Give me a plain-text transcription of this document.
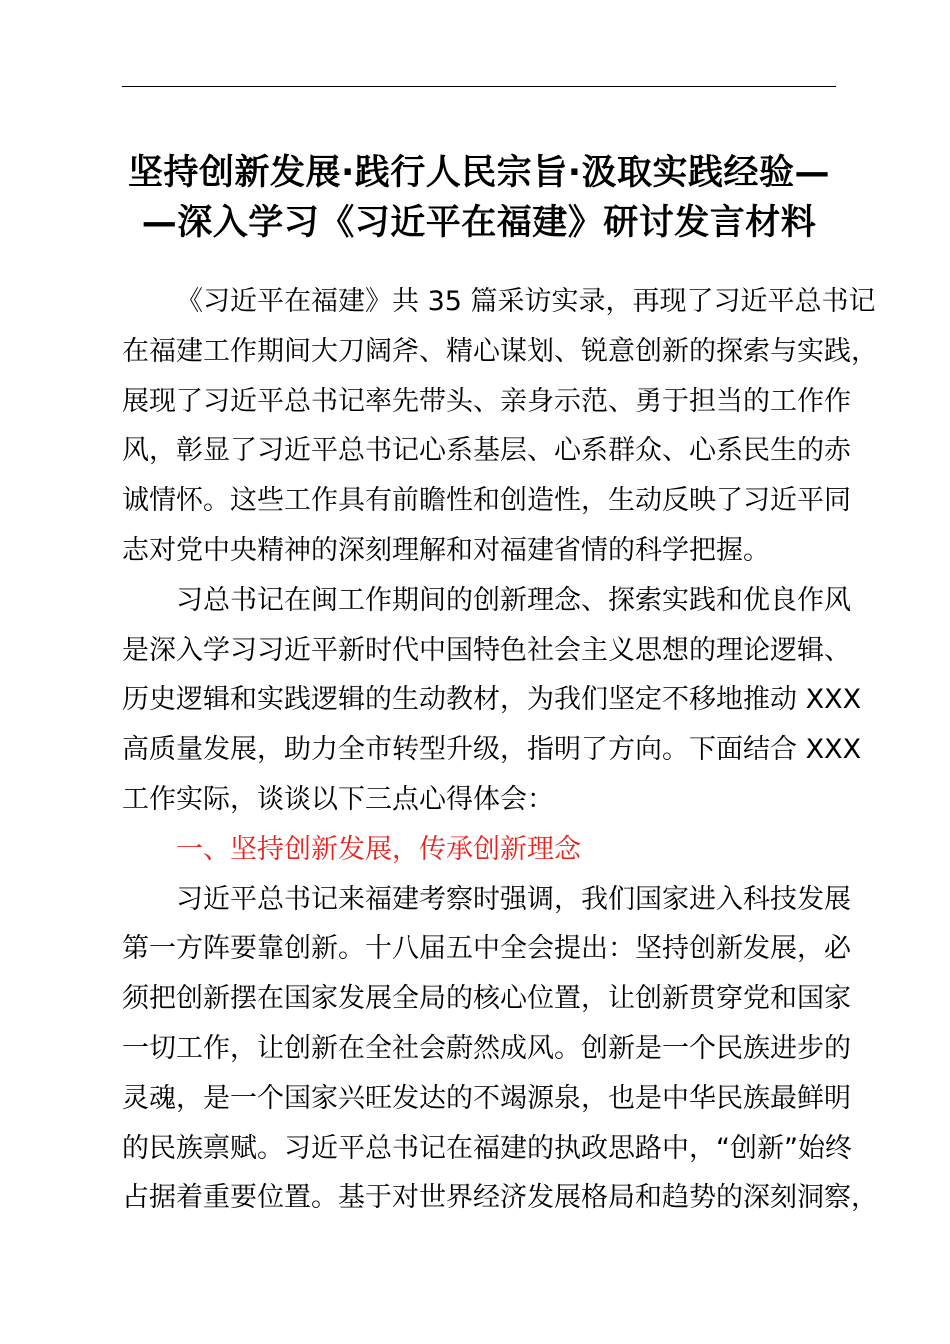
坚持创新发展·践行人民宗旨·汲取实践经验—
—深入学习《习近平在福建》研讨发言材料
《习近平在福建》共 35 篇采访实录，再现了习近平总书记
在福建工作期间大刀阔斧、精心谋划、锐意创新的探索与实践，
展现了习近平总书记率先带头、亲身示范、勇于担当的工作作
风，彰显了习近平总书记心系基层、心系群众、心系民生的赤
诚情怀。这些工作具有前瞻性和创造性，生动反映了习近平同
志对党中央精神的深刻理解和对福建省情的科学把握。
习总书记在闽工作期间的创新理念、探索实践和优良作风
是深入学习习近平新时代中国特色社会主义思想的理论逻辑、
历史逻辑和实践逻辑的生动教材，为我们坚定不移地推动 XXX
高质量发展，助力全市转型升级，指明了方向。下面结合 XXX
工作实际，谈谈以下三点心得体会：
一、坚持创新发展，传承创新理念
习近平总书记来福建考察时强调，我们国家进入科技发展
第一方阵要靠创新。十八届五中全会提出：坚持创新发展，必
须把创新摆在国家发展全局的核心位置，让创新贯穿党和国家
一切工作，让创新在全社会蔚然成风。创新是一个民族进步的
灵魂，是一个国家兴旺发达的不竭源泉，也是中华民族最鲜明
的民族禀赋。习近平总书记在福建的执政思路中，“创新”始终
占据着重要位置。基于对世界经济发展格局和趋势的深刻洞察，
